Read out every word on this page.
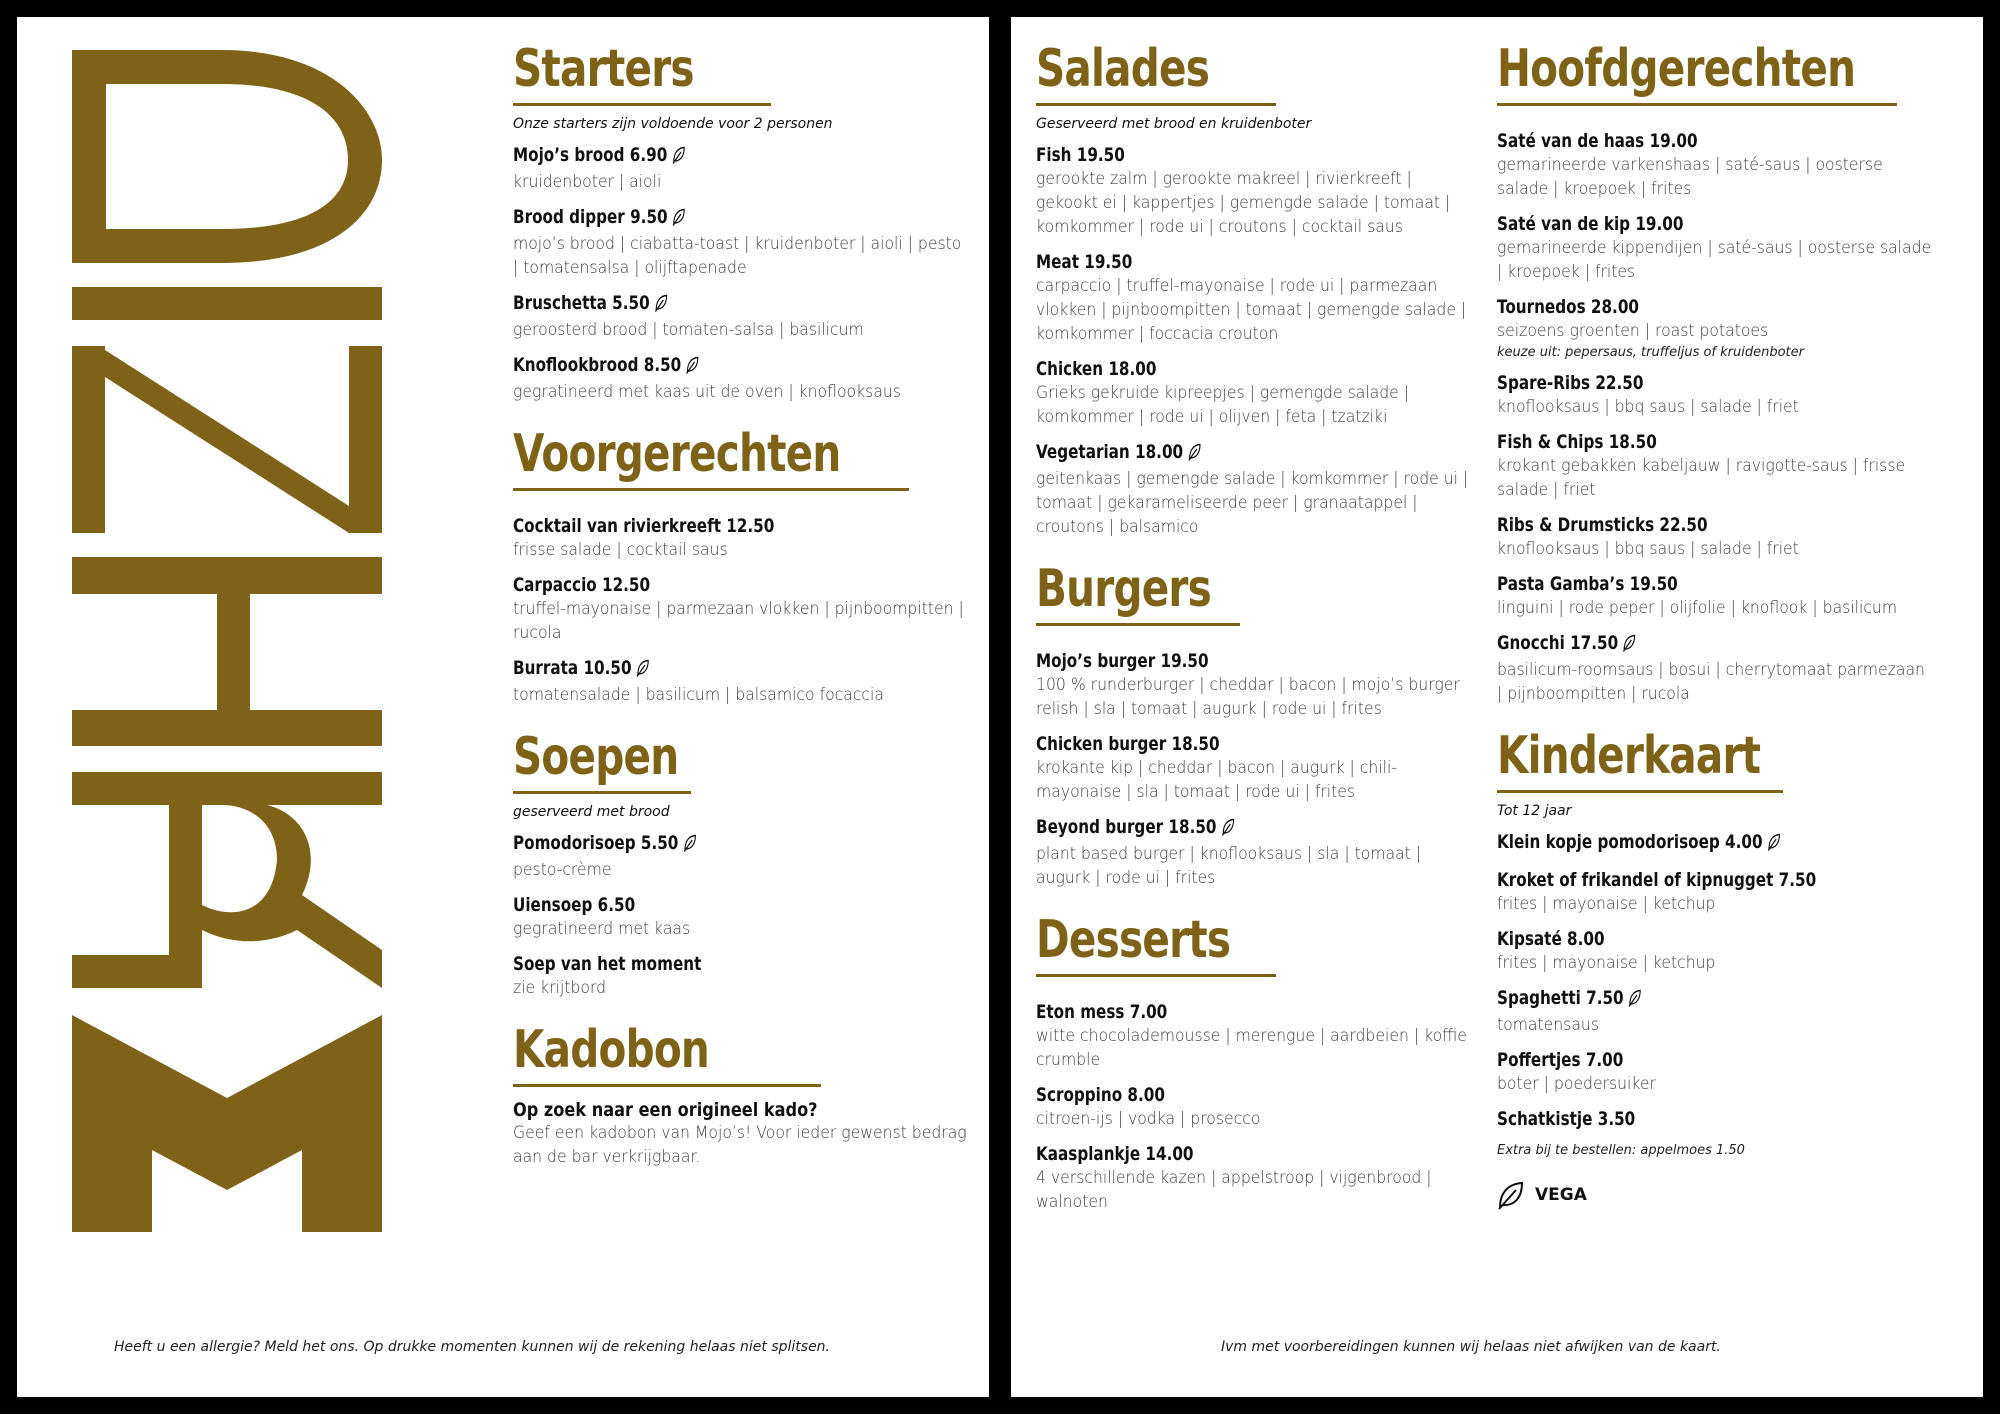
Starters
Onze starters zijn voldoende voor 2 personen
Mojo’s brood 6.90
kruidenboter | aioli
Brood dipper 9.50
mojo’s brood | ciabatta-toast | kruidenboter | aioli | pesto | tomatensalsa | olijftapenade
Bruschetta 5.50
geroosterd brood | tomaten-salsa | basilicum
Knoflookbrood 8.50
gegratineerd met kaas uit de oven | knoflooksaus
Voorgerechten
Cocktail van rivierkreeft 12.50
frisse salade | cocktail saus
Carpaccio 12.50
truffel-mayonaise | parmezaan vlokken | pijnboompitten | rucola
Burrata 10.50
tomatensalade | basilicum | balsamico focaccia
Soepen
geserveerd met brood
Pomodorisoep 5.50
pesto-crème
Uiensoep 6.50
gegratineerd met kaas
Soep van het moment
zie krijtbord
Kadobon
Op zoek naar een origineel kado?
Geef een kadobon van Mojo’s! Voor ieder gewenst bedrag aan de bar verkrijgbaar.
Heeft u een allergie? Meld het ons. Op drukke momenten kunnen wij de rekening helaas niet splitsen.
Salades
Geserveerd met brood en kruidenboter
Fish 19.50
gerookte zalm | gerookte makreel | rivierkreeft | gekookt ei | kappertjes | gemengde salade | tomaat | komkommer | rode ui | croutons | cocktail saus
Meat 19.50
carpaccio | truffel-mayonaise | rode ui | parmezaan vlokken | pijnboompitten | tomaat | gemengde salade | komkommer | foccacia crouton
Chicken 18.00
Grieks gekruide kipreepjes | gemengde salade | komkommer | rode ui | olijven | feta | tzatziki
Vegetarian 18.00
geitenkaas | gemengde salade | komkommer | rode ui | tomaat | gekarameliseerde peer | granaatappel | croutons | balsamico
Burgers
Mojo’s burger 19.50
100 % runderburger | cheddar | bacon | mojo’s burger relish | sla | tomaat | augurk | rode ui | frites
Chicken burger 18.50
krokante kip | cheddar | bacon | augurk | chili-mayonaise | sla | tomaat | rode ui | frites
Beyond burger 18.50
plant based burger | knoflooksaus | sla | tomaat | augurk | rode ui | frites
Desserts
Eton mess 7.00
witte chocolademousse | merengue | aardbeien | koffie crumble
Scroppino 8.00
citroen-ijs | vodka | prosecco
Kaasplankje 14.00
4 verschillende kazen | appelstroop | vijgenbrood | walnoten
Hoofdgerechten
Saté van de haas 19.00
gemarineerde varkenshaas | saté-saus | oosterse salade | kroepoek | frites
Saté van de kip 19.00
gemarineerde kippendijen | saté-saus | oosterse salade | kroepoek | frites
Tournedos 28.00
seizoens groenten | roast potatoes
keuze uit: pepersaus, truffeljus of kruidenboter
Spare-Ribs 22.50
knoflooksaus | bbq saus | salade | friet
Fish & Chips 18.50
krokant gebakken kabeljauw | ravigotte-saus | frisse salade | friet
Ribs & Drumsticks 22.50
knoflooksaus | bbq saus | salade | friet
Pasta Gamba’s 19.50
linguini | rode peper | olijfolie | knoflook | basilicum
Gnocchi 17.50
basilicum-roomsaus | bosui | cherrytomaat parmezaan | pijnboompitten | rucola
Kinderkaart
Tot 12 jaar
Klein kopje pomodorisoep 4.00
Kroket of frikandel of kipnugget 7.50
frites | mayonaise | ketchup
Kipsaté 8.00
frites | mayonaise | ketchup
Spaghetti 7.50
tomatensaus
Poffertjes 7.00
boter | poedersuiker
Schatkistje 3.50
Extra bij te bestellen: appelmoes 1.50
VEGA
Ivm met voorbereidingen kunnen wij helaas niet afwijken van de kaart.
